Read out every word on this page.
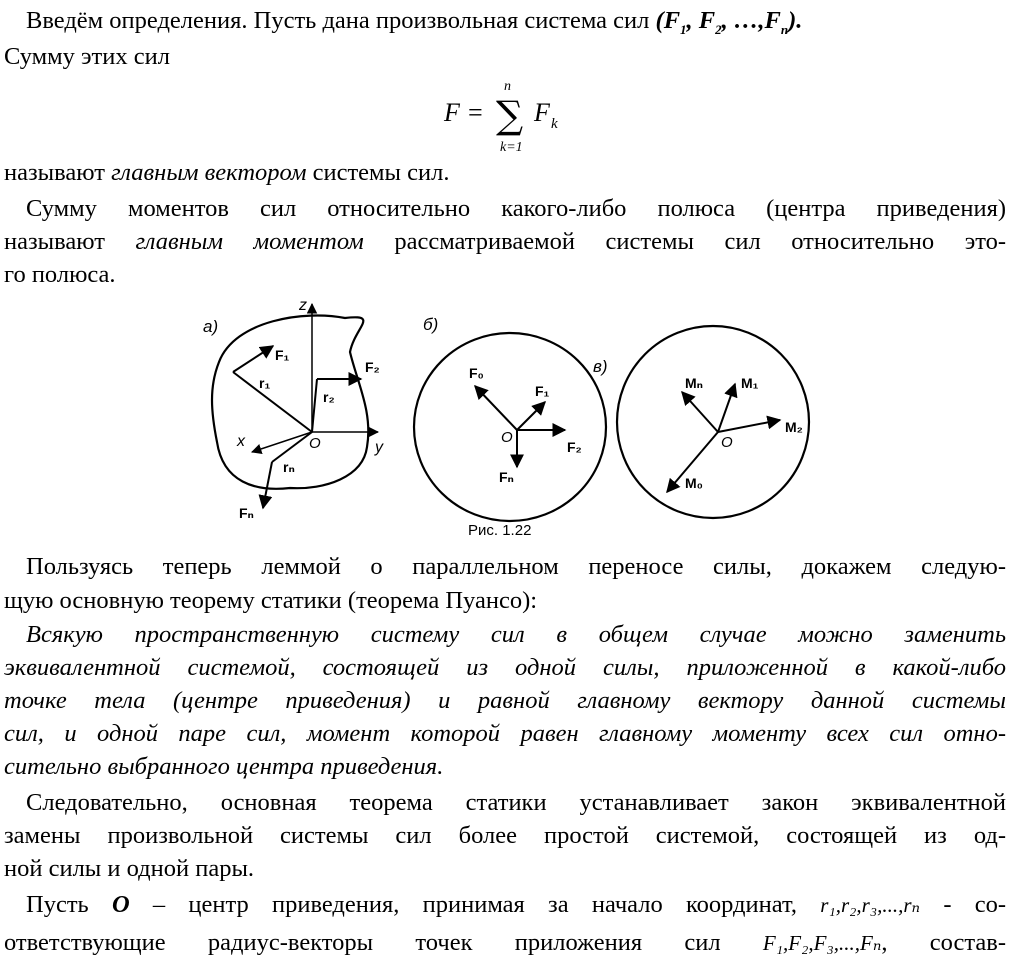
Введём определения. Пусть дана произвольная система сил ($F_1$, $F_2$, $\dots,F_n$).
Сумму этих сил
F =
n
∑
k=1
F k
называют главным вектором системы сил.
Сумму моментов сил относительно какого-либо полюса (центра приведения)
называют главным моментом рассматриваемой системы сил относительно это-
го полюса.
а)
z
y
x	O
F₁
r₁
F₂
r₂
rₙ
Fₙ
б)
O
F₀
F₁
F₂
Fₙ
в)
O
Mₙ	M₁
M₂
M₀
Рис. 1.22
Пользуясь теперь леммой о параллельном переносе силы, докажем следую-
щую основную теорему статики (теорема Пуансо):
Всякую пространственную систему сил в общем случае можно заменить
эквивалентной системой, состоящей из одной силы, приложенной в какой-либо
точке тела (центре приведения) и равной главному вектору данной системы
сил, и одной паре сил, момент которой равен главному моменту всех сил отно-
сительно выбранного центра приведения.
Следовательно, основная теорема статики устанавливает закон эквивалентной
замены произвольной системы сил более простой системой, состоящей из од-
ной силы и одной пары.
Пусть O – центр приведения, принимая за начало координат, r₁,r₂,r₃,...,rₙ - со-
ответствующие радиус-векторы точек приложения сил F₁,F₂,F₃,...,Fₙ, состав-
